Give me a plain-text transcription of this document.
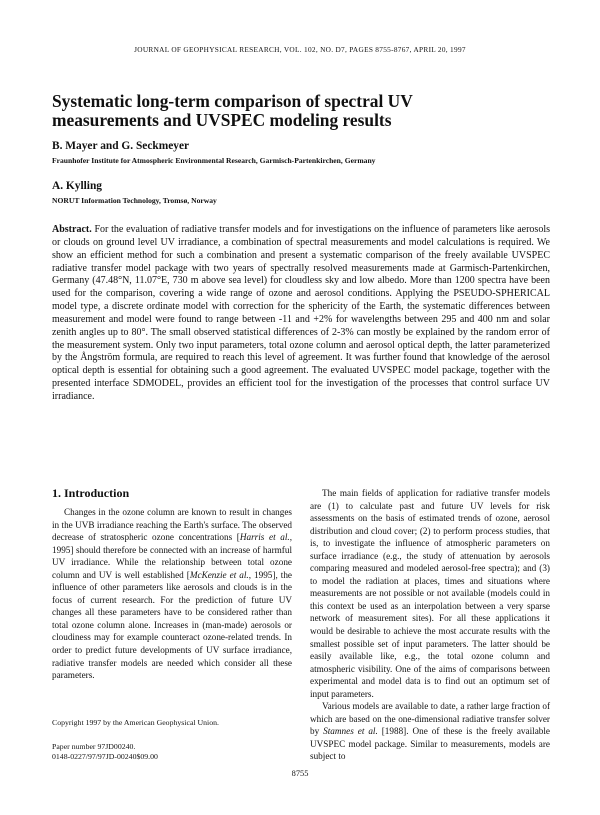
JOURNAL OF GEOPHYSICAL RESEARCH, VOL. 102, NO. D7, PAGES 8755-8767, APRIL 20, 1997
Systematic long-term comparison of spectral UV measurements and UVSPEC modeling results
B. Mayer and G. Seckmeyer
Fraunhofer Institute for Atmospheric Environmental Research, Garmisch-Partenkirchen, Germany
A. Kylling
NORUT Information Technology, Tromsø, Norway

Abstract. For the evaluation of radiative transfer models and for investigations on the influence of parameters like aerosols or clouds on ground level UV irradiance, a combination of spectral measurements and model calculations is required. We show an efficient method for such a combination and present a systematic comparison of the freely available UVSPEC radiative transfer model package with two years of spectrally resolved measurements made at Garmisch-Partenkirchen, Germany (47.48°N, 11.07°E, 730 m above sea level) for cloudless sky and low albedo. More than 1200 spectra have been used for the comparison, covering a wide range of ozone and aerosol conditions. Applying the PSEUDO-SPHERICAL model type, a discrete ordinate model with correction for the sphericity of the Earth, the systematic differences between measurement and model were found to range between -11 and +2% for wavelengths between 295 and 400 nm and solar zenith angles up to 80°. The small observed statistical differences of 2-3% can mostly be explained by the random error of the measurement system. Only two input parameters, total ozone column and aerosol optical depth, the latter parameterized by the Ångström formula, are required to reach this level of agreement. It was further found that knowledge of the aerosol optical depth is essential for obtaining such a good agreement. The evaluated UVSPEC model package, together with the presented interface SDMODEL, provides an efficient tool for the investigation of the processes that control surface UV irradiance.

1. Introduction

Changes in the ozone column are known to result in changes in the UVB irradiance reaching the Earth's surface. The observed decrease of stratospheric ozone concentrations [Harris et al., 1995] should therefore be connected with an increase of harmful UV irradiance. While the relationship between total ozone column and UV is well established [McKenzie et al., 1995], the influence of other parameters like aerosols and clouds is in the focus of current research. For the prediction of future UV changes all these parameters have to be considered rather than total ozone column alone. Increases in (man-made) aerosols or cloudiness may for example counteract ozone-related trends. In order to predict future developments of UV surface irradiance, radiative transfer models are needed which consider all these parameters.

Copyright 1997 by the American Geophysical Union.
Paper number 97JD00240.
0148-0227/97/97JD-00240$09.00

The main fields of application for radiative transfer models are (1) to calculate past and future UV levels for risk assessments on the basis of estimated trends of ozone, aerosol distribution and cloud cover; (2) to perform process studies, that is, to investigate the influence of atmospheric parameters on surface irradiance (e.g., the study of attenuation by aerosols comparing measured and modeled aerosol-free spectra); and (3) to model the radiation at places, times and situations where measurements are not possible or not available (models could in this context be used as an interpolation between a very sparse network of measurement sites). For all these applications it would be desirable to achieve the most accurate results with the smallest possible set of input parameters. The latter should be easily available like, e.g., the total ozone column and atmospheric visibility. One of the aims of comparisons between experimental and model data is to find out an optimum set of input parameters.

Various models are available to date, a rather large fraction of which are based on the one-dimensional radiative transfer solver by Stamnes et al. [1988]. One of these is the freely available UVSPEC model package. Similar to measurements, models are subject to

8755
